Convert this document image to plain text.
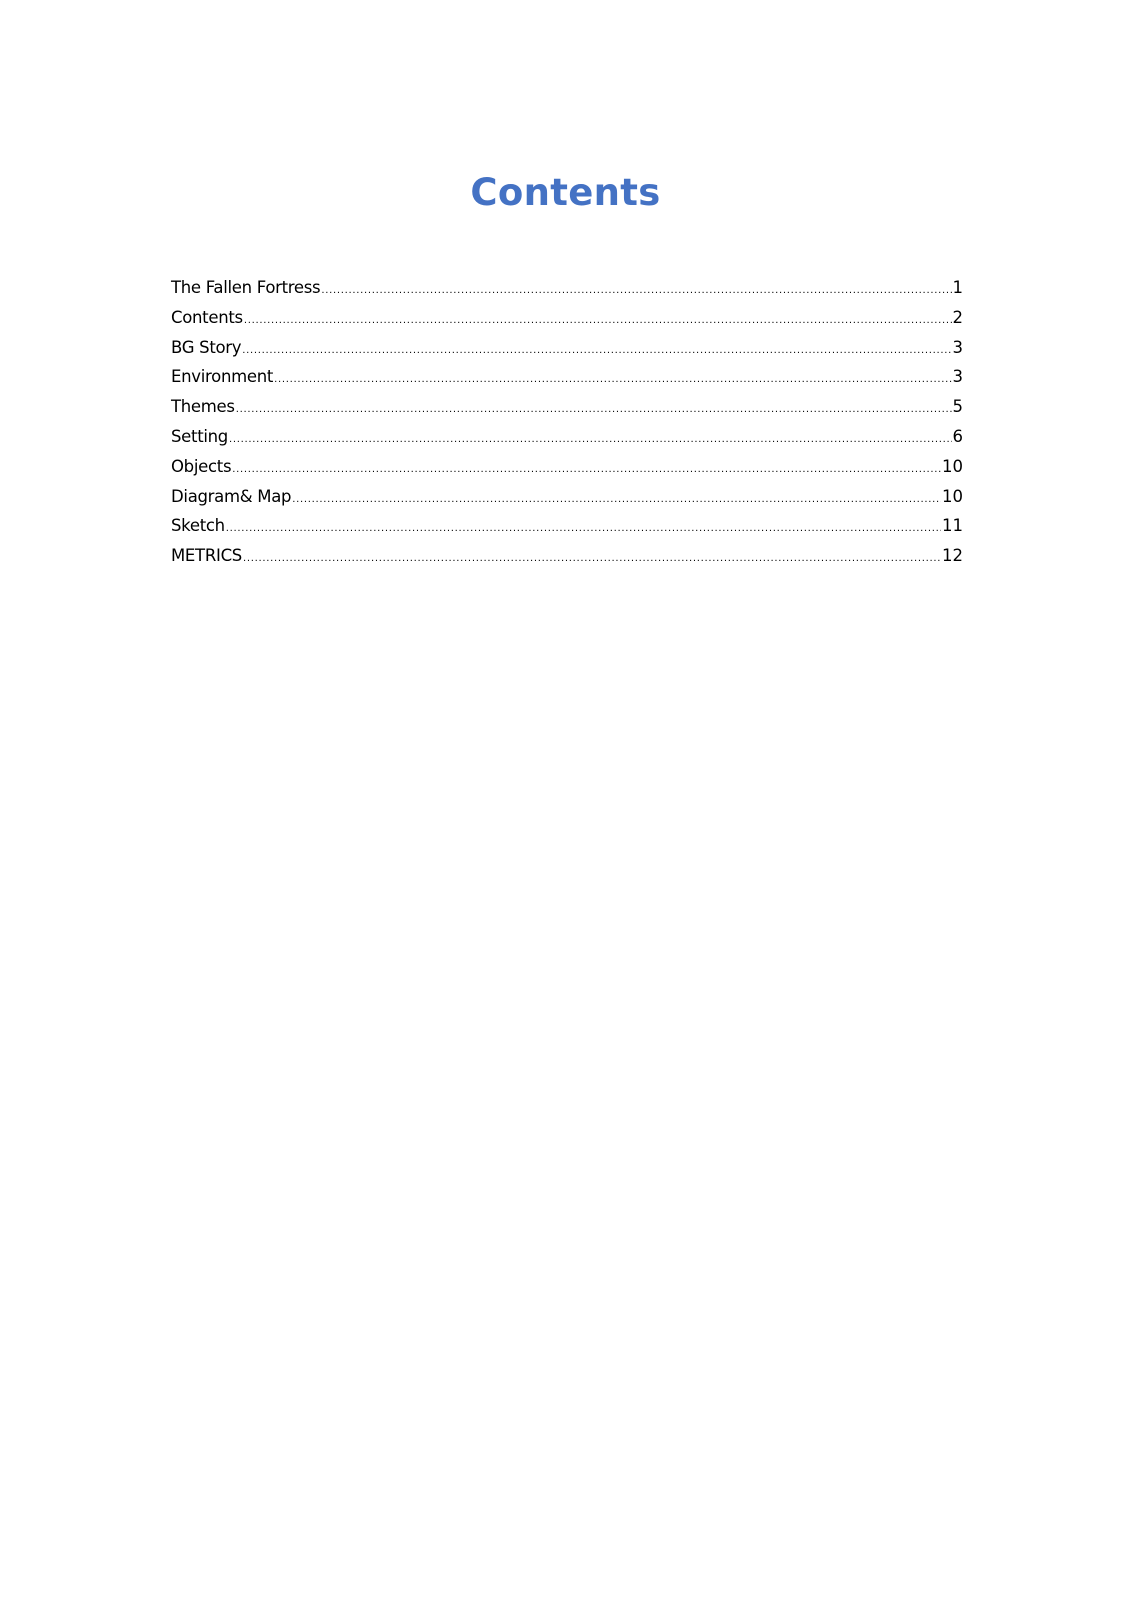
Contents
The Fallen Fortress .....	1
Contents .....	2
BG Story .....	3
Environment .....	3
Themes .....	5
Setting .....	6
Objects .....	10
Diagram& Map .....	10
Sketch .....	11
METRICS .....	12
